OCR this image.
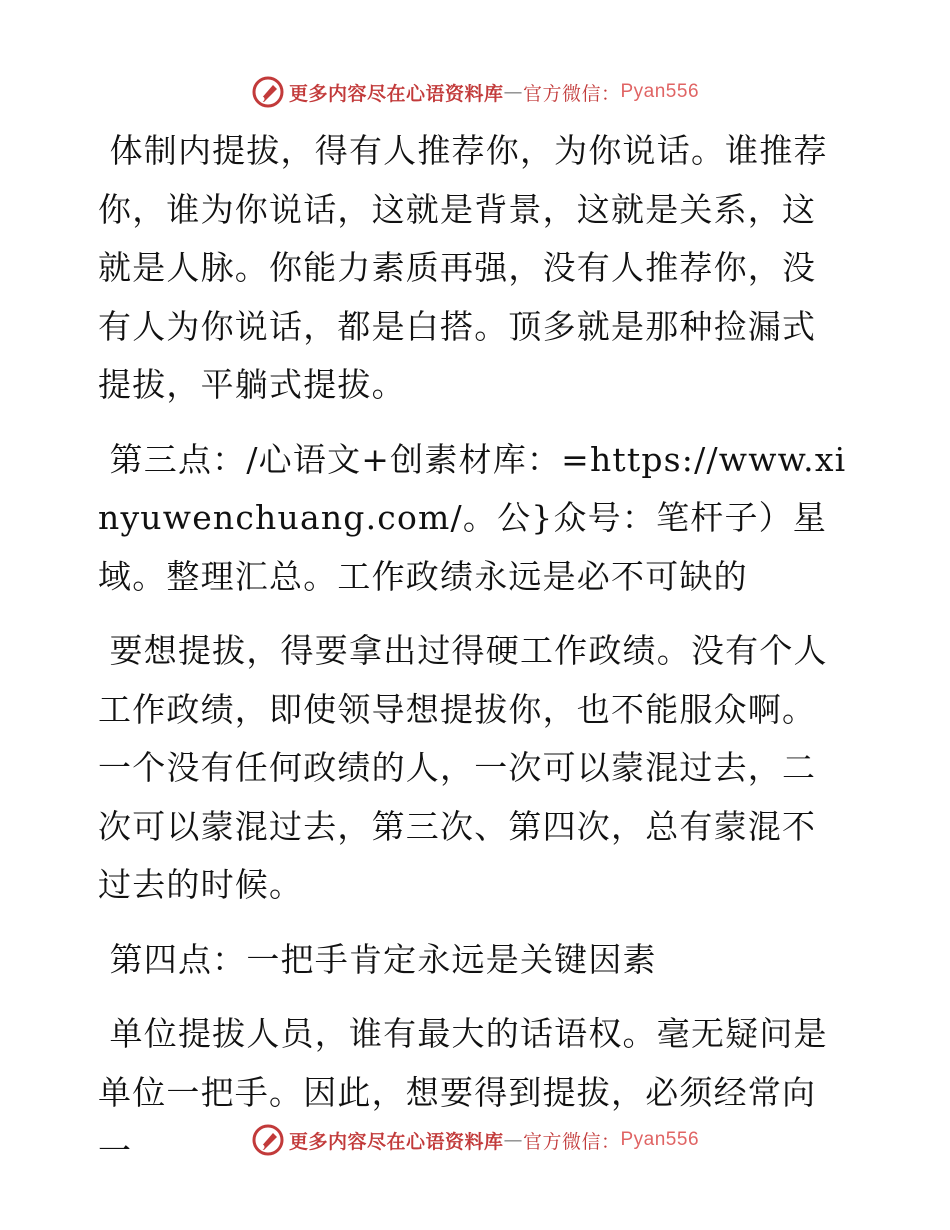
更多内容尽在心语资料库 — 官方微信： Pyan556

体制内提拔，得有人推荐你，为你说话。谁推荐你，谁为你说话，这就是背景，这就是关系，这就是人脉。你能力素质再强，没有人推荐你，没有人为你说话，都是白搭。顶多就是那种捡漏式提拔，平躺式提拔。

第三点：/心语文+创素材库：=https://www.xinyuwenchuang.com/。公}众号：笔杆子）星域。整理汇总。工作政绩永远是必不可缺的

要想提拔，得要拿出过得硬工作政绩。没有个人工作政绩，即使领导想提拔你，也不能服众啊。一个没有任何政绩的人，一次可以蒙混过去，二次可以蒙混过去，第三次、第四次，总有蒙混不过去的时候。

第四点：一把手肯定永远是关键因素

单位提拔人员，谁有最大的话语权。毫无疑问是单位一把手。因此，想要得到提拔，必须经常向一	更多内容尽在心语资料库 — 官方微信： Pyan556
